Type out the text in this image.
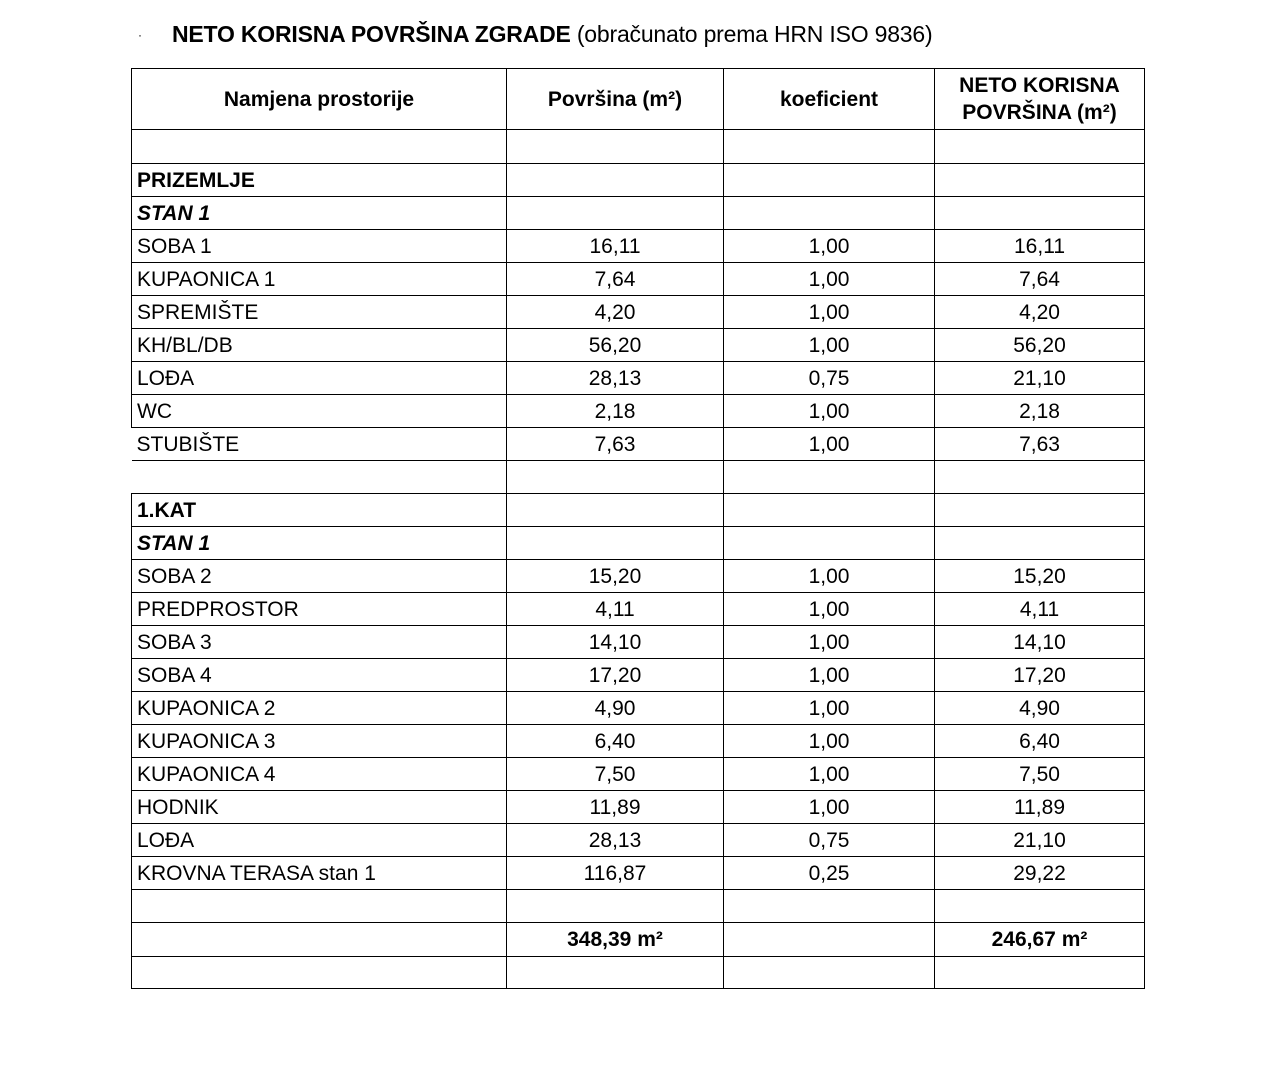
· NETO KORISNA POVRŠINA ZGRADE (obračunato prema HRN ISO 9836)
Namjena prostorije	Površina (m²)	koeficient	NETO KORISNA POVRŠINA (m²)

PRIZEMLJE			
STAN 1			
SOBA 1	16,11	1,00	16,11
KUPAONICA 1	7,64	1,00	7,64
SPREMIŠTE	4,20	1,00	4,20
KH/BL/DB	56,20	1,00	56,20
LOĐA	28,13	0,75	21,10
WC	2,18	1,00	2,18
STUBIŠTE	7,63	1,00	7,63

1.KAT			
STAN 1			
SOBA 2	15,20	1,00	15,20
PREDPROSTOR	4,11	1,00	4,11
SOBA 3	14,10	1,00	14,10
SOBA 4	17,20	1,00	17,20
KUPAONICA 2	4,90	1,00	4,90
KUPAONICA 3	6,40	1,00	6,40
KUPAONICA 4	7,50	1,00	7,50
HODNIK	11,89	1,00	11,89
LOĐA	28,13	0,75	21,10
KROVNA TERASA stan 1	116,87	0,25	29,22

	348,39 m²		246,67 m²
